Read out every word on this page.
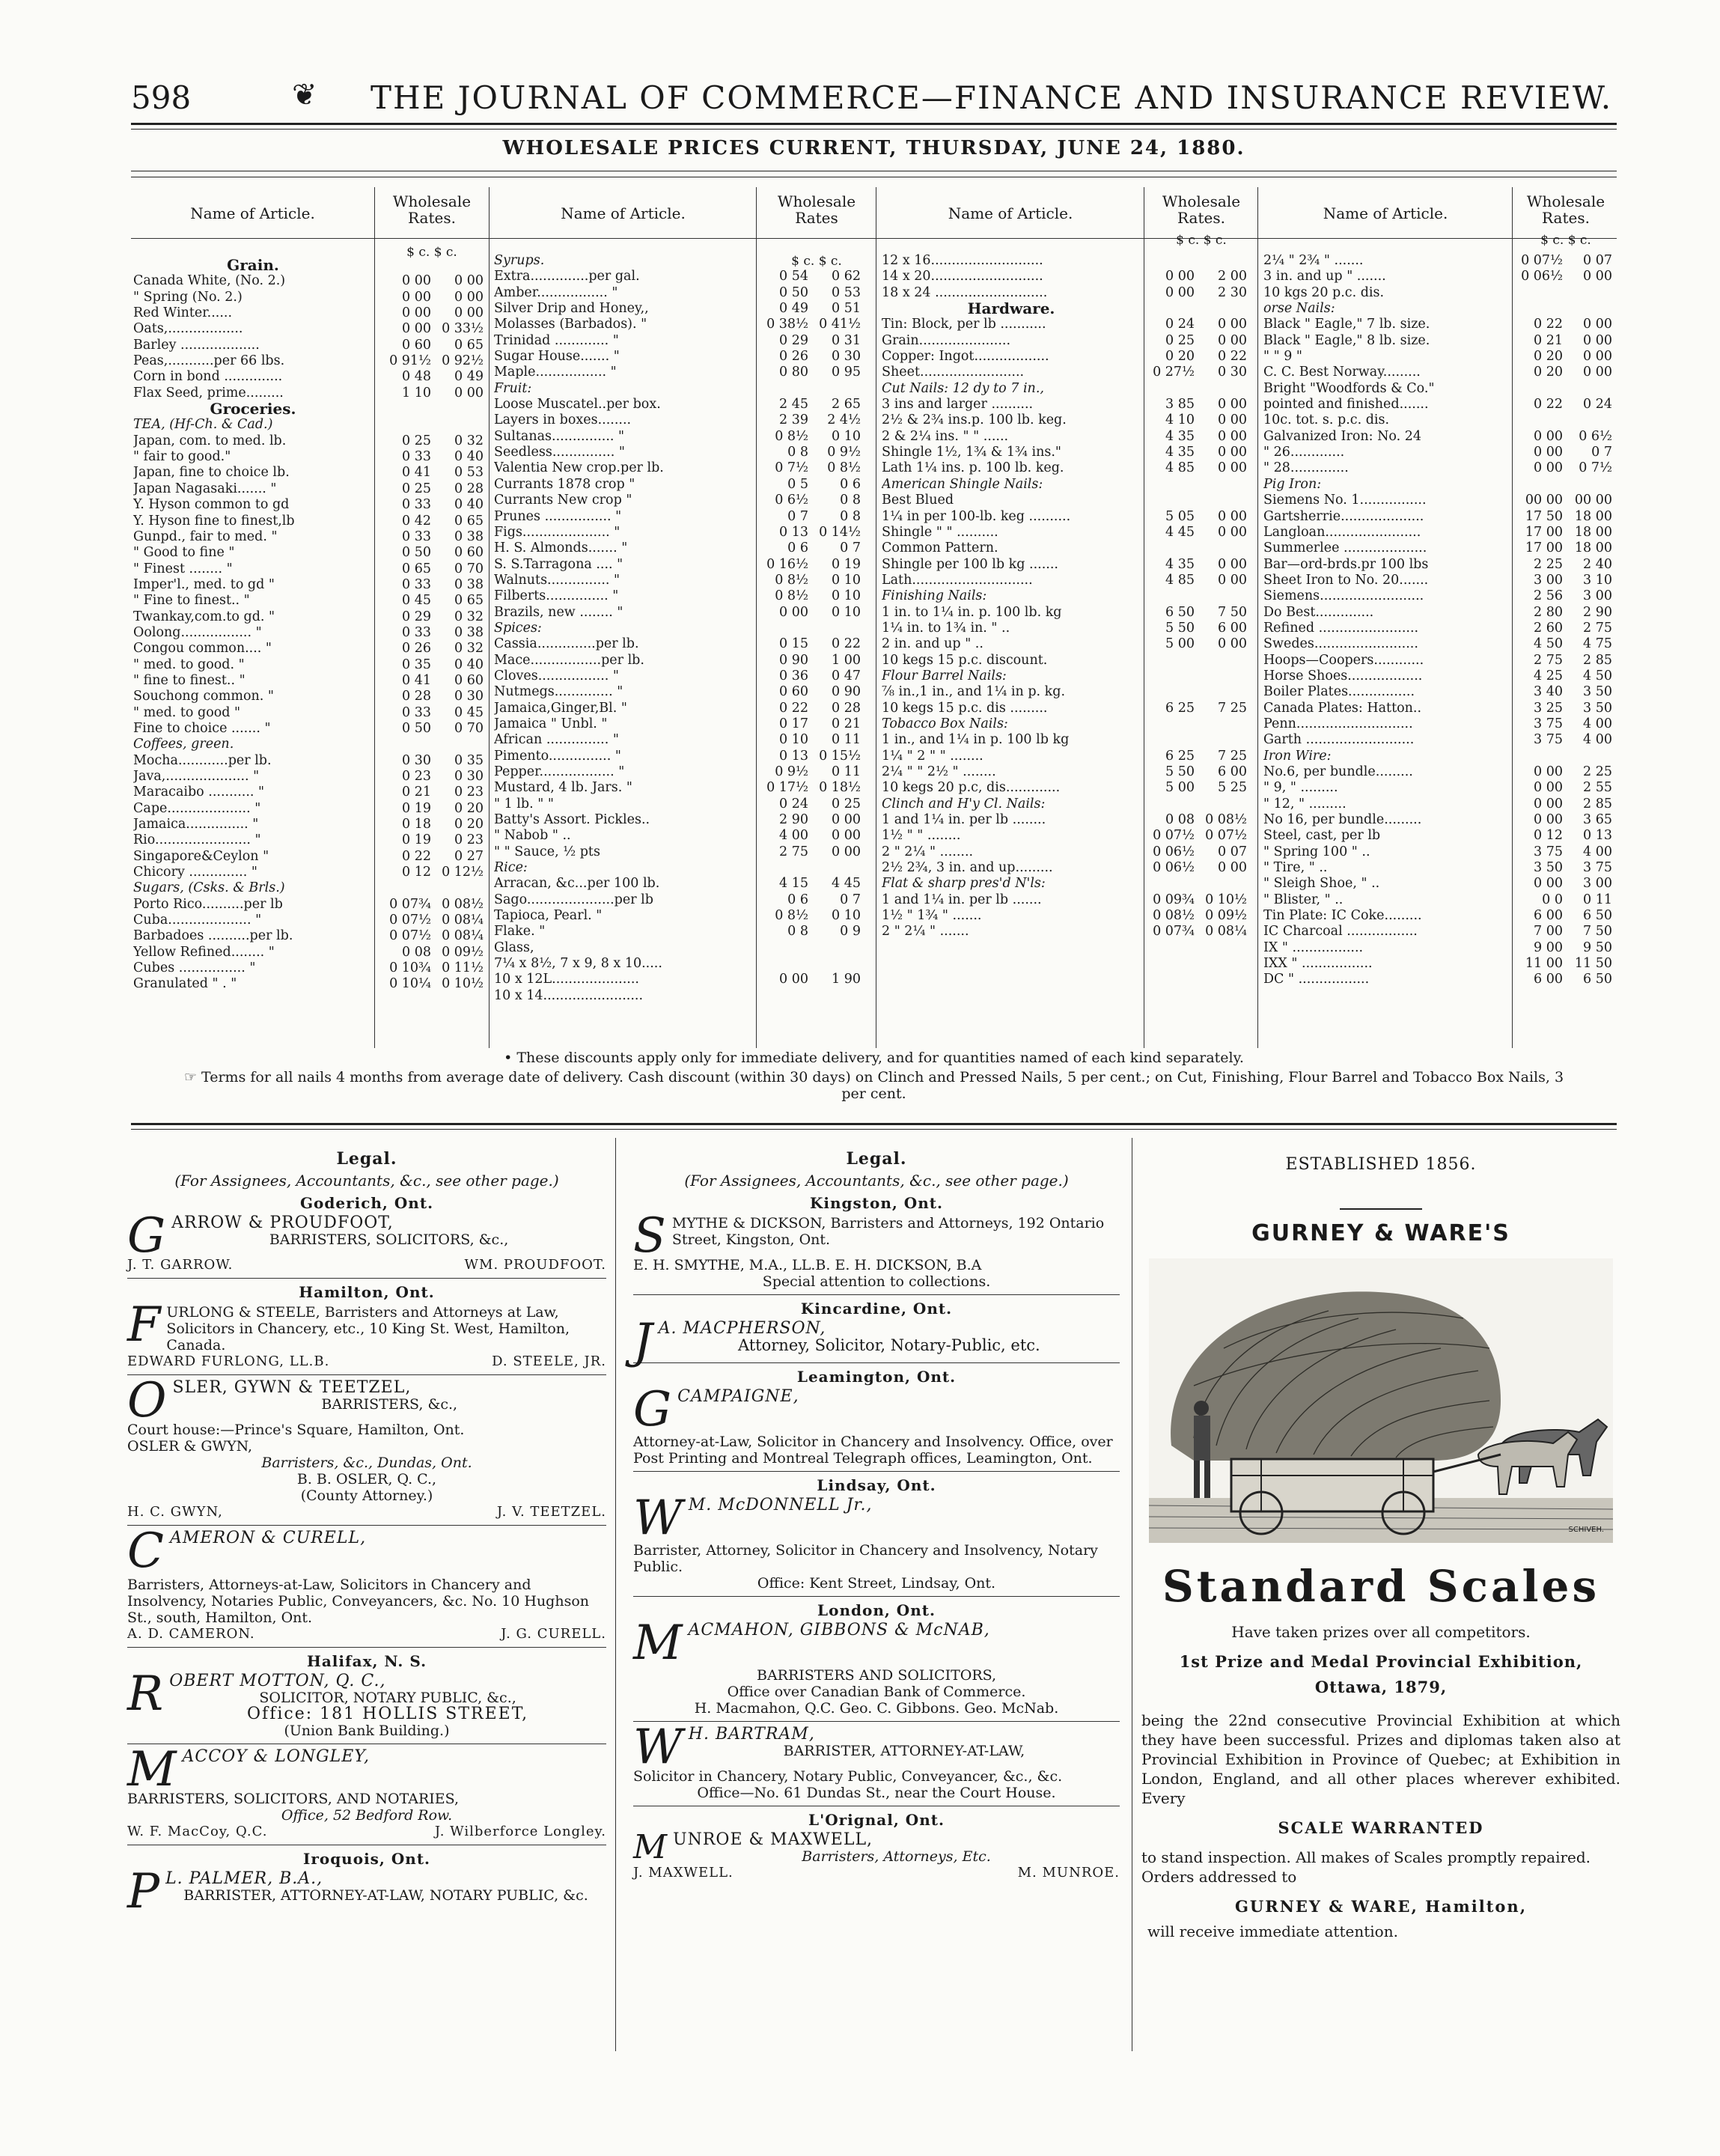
598	❦ THE JOURNAL OF COMMERCE—FINANCE AND INSURANCE REVIEW.
WHOLESALE PRICES CURRENT, THURSDAY, JUNE 24, 1880.
Name of Article.
Wholesale Rates.	Name of Article.
Wholesale Rates	Name of Article.
Wholesale Rates.	Name of Article.
Wholesale Rates.
$ c. $ c.
$ c. $ c.
$ c. $ c.	$ c. $ c.
Grain.
Canada White, (No. 2.)	0 00	0 00
" Spring (No. 2.)	0 00	0 00
Red Winter......	0 00	0 00
Oats,..................	0 00 0 33½
Barley ...................	0 60	0 65
Peas,...........per 66 lbs.	0 91½ 0 92½
Corn in bond ..............	0 48	0 49
Flax Seed, prime.........	1 10	0 00
Groceries.
TEA, (Hf-Ch. & Cad.)
Japan, com. to med. lb.	0 25	0 32
" fair to good."	0 33	0 40
Japan, fine to choice lb.	0 41	0 53
Japan Nagasaki....... "	0 25	0 28
Y. Hyson common to gd	0 33	0 40
Y. Hyson fine to finest,lb	0 42	0 65
Gunpd., fair to med. "	0 33	0 38
" Good to fine "	0 50	0 60
" Finest ........ "	0 65	0 70
Imper'l., med. to gd "	0 33	0 38
" Fine to finest.. "	0 45	0 65
Twankay,com.to gd. "	0 29	0 32
Oolong................. "	0 33	0 38
Congou common.... "	0 26	0 32
" med. to good. "	0 35	0 40
" fine to finest.. "	0 41	0 60
Souchong common. "	0 28	0 30
" med. to good "	0 33	0 45
Fine to choice ....... "	0 50	0 70
Coffees, green.
Mocha............per lb.	0 30	0 35
Java,.................... "	0 23	0 30
Maracaibo ........... "	0 21	0 23
Cape.................... "	0 19	0 20
Jamaica............... "	0 18	0 20
Rio....................... "	0 19	0 23
Singapore&Ceylon "	0 22	0 27
Chicory .............. "	0 12 0 12½
Sugars, (Csks. & Brls.)
Porto Rico..........per lb	0 07¾ 0 08½
Cuba.................... "	0 07½ 0 08¼
Barbadoes ..........per lb.	0 07½ 0 08¼
Yellow Refined........ "	0 08 0 09½
Cubes ................ "	0 10¾ 0 11½
Granulated " . "	0 10¼ 0 10½
Syrups.
Extra..............per gal.	0 54	0 62
Amber................. "	0 50	0 53
Silver Drip and Honey,,	0 49	0 51
Molasses (Barbados). "	0 38½ 0 41½
Trinidad ............. "	0 29	0 31
Sugar House....... "	0 26	0 30
Maple................. "	0 80	0 95
Fruit:
Loose Muscatel..per box.	2 45	2 65
Layers in boxes........	2 39	2 4½
Sultanas............... "	0 8½	0 10
Seedless............... "	0 8	0 9½
Valentia New crop.per lb.	0 7½	0 8½
Currants 1878 crop "	0 5	0 6
Currants New crop "	0 6½	0 8
Prunes ................ "	0 7	0 8
Figs..................... "	0 13 0 14½
H. S. Almonds....... "	0 6	0 7
S. S.Tarragona .... "	0 16½	0 19
Walnuts............... "	0 8½	0 10
Filberts............... "	0 8½	0 10
Brazils, new ........ "	0 00	0 10
Spices:
Cassia..............per lb.	0 15	0 22
Mace.................per lb.	0 90	1 00
Cloves................. "	0 36	0 47
Nutmegs.............. "	0 60	0 90
Jamaica,Ginger,Bl. "	0 22	0 28
Jamaica " Unbl. "	0 17	0 21
African ............... "	0 10	0 11
Pimento............... "	0 13 0 15½
Pepper.................. "	0 9½	0 11
Mustard, 4 lb. Jars. "	0 17½ 0 18½
" 1 lb. " "	0 24	0 25
Batty's Assort. Pickles..	2 90	0 00
" Nabob " ..	4 00	0 00
" " Sauce, ½ pts	2 75	0 00
Rice:
Arracan, &c...per 100 lb.	4 15	4 45
Sago.....................per lb	0 6	0 7
Tapioca, Pearl. "	0 8½	0 10
Flake. "	0 8	0 9
Glass,
7¼ x 8½, 7 x 9, 8 x 10.....
10 x 12L.....................	0 00	1 90
10 x 14........................
12 x 16...........................
14 x 20...........................	0 00	2 00
18 x 24 ...........................	0 00	2 30
Hardware.
Tin: Block, per lb ...........	0 24	0 00
Grain......................	0 25	0 00
Copper: Ingot..................	0 20	0 22
Sheet.........................	0 27½	0 30
Cut Nails: 12 dy to 7 in.,
3 ins and larger ..........	3 85	0 00
2½ & 2¾ ins.p. 100 lb. keg.	4 10	0 00
2 & 2¼ ins. " " ......	4 35	0 00
Shingle 1½, 1¾ & 1¾ ins."	4 35	0 00
Lath 1¼ ins. p. 100 lb. keg.	4 85	0 00
American Shingle Nails:
Best Blued
1¼ in per 100-lb. keg ..........	5 05	0 00
Shingle " " ..........	4 45	0 00
Common Pattern.
Shingle per 100 lb kg .......	4 35	0 00
Lath.............................	4 85	0 00
Finishing Nails:
1 in. to 1¼ in. p. 100 lb. kg	6 50	7 50
1¼ in. to 1¾ in. " ..	5 50	6 00
2 in. and up " ..	5 00	0 00
10 kegs 15 p.c. discount.
Flour Barrel Nails:
⅞ in.,1 in., and 1¼ in p. kg.
10 kegs 15 p.c. dis .........	6 25	7 25
Tobacco Box Nails:
1 in., and 1¼ in p. 100 lb kg
1¼ " 2 " " ........	6 25	7 25
2¼ " " 2½ " ........	5 50	6 00
10 kegs 20 p.c, dis.............	5 00	5 25
Clinch and H'y Cl. Nails:
1 and 1¼ in. per lb ........	0 08 0 08½
1½ " " ........	0 07½ 0 07½
2 " 2¼ " ........	0 06½	0 07
2½ 2¾, 3 in. and up.........	0 06½	0 00
Flat & sharp pres'd N'ls:
1 and 1¼ in. per lb .......	0 09¾ 0 10½
1½ " 1¾ " .......	0 08½ 0 09½
2 " 2¼ " .......	0 07¾ 0 08¼
2¼ " 2¾ " .......	0 07½	0 07
3 in. and up " .......	0 06½	0 00
10 kgs 20 p.c. dis.
orse Nails:
Black " Eagle," 7 lb. size.	0 22	0 00
Black " Eagle," 8 lb. size.	0 21	0 00
" " 9 "	0 20	0 00
C. C. Best Norway.........	0 20	0 00
Bright "Woodfords & Co."
pointed and finished.......	0 22	0 24
10c. tot. s. p.c. dis.
Galvanized Iron: No. 24	0 00	0 6½
" 26.............	0 00	0 7
" 28..............	0 00	0 7½
Pig Iron:
Siemens No. 1................	00 00 00 00
Gartsherrie....................	17 50 18 00
Langloan.......................	17 00 18 00
Summerlee ....................	17 00 18 00
Bar—ord-brds.pr 100 lbs	2 25	2 40
Sheet Iron to No. 20.......	3 00	3 10
Siemens.........................	2 56	3 00
Do Best..............	2 80	2 90
Refined ........................	2 60	2 75
Swedes.........................	4 50	4 75
Hoops—Coopers............	2 75	2 85
Horse Shoes..................	4 25	4 50
Boiler Plates................	3 40	3 50
Canada Plates: Hatton..	3 25	3 50
Penn............................	3 75	4 00
Garth ..........................	3 75	4 00
Iron Wire:
No.6, per bundle.........	0 00	2 25
" 9, " .........	0 00	2 55
" 12, " .........	0 00	2 85
No 16, per bundle.........	0 00	3 65
Steel, cast, per lb	0 12	0 13
" Spring 100 " ..	3 75	4 00
" Tire, " ..	3 50	3 75
" Sleigh Shoe, " ..	0 00	3 00
" Blister, " ..	0 0	0 11
Tin Plate: IC Coke.........	6 00	6 50
IC Charcoal .................	7 00	7 50
IX " .................	9 00	9 50
IXX " .................	11 00 11 50
DC " .................	6 00	6 50
• These discounts apply only for immediate delivery, and for quantities named of each kind separately.
☞ Terms for all nails 4 months from average date of delivery. Cash discount (within 30 days) on Clinch and Pressed Nails, 5 per cent.; on Cut, Finishing, Flour Barrel and Tobacco Box Nails, 3 per cent.
Legal.
(For Assignees, Accountants, &c., see other page.)
Goderich, Ont.
G ARROW & PROUDFOOT,
BARRISTERS, SOLICITORS, &c.,
J. T. GARROW.	WM. PROUDFOOT.
Hamilton, Ont.
F URLONG & STEELE, Barristers and Attorneys at Law, Solicitors in Chancery, etc., 10 King St. West, Hamilton, Canada.
EDWARD FURLONG, LL.B.	D. STEELE, JR.
O SLER, GYWN & TEETZEL,
BARRISTERS, &c.,
Court house:—Prince's Square, Hamilton, Ont.
OSLER & GWYN,
Barristers, &c., Dundas, Ont.
B. B. OSLER, Q. C.,
(County Attorney.)
H. C. GWYN,	J. V. TEETZEL.
C AMERON & CURELL,
Barristers, Attorneys-at-Law, Solicitors in Chancery and Insolvency, Notaries Public, Conveyancers, &c. No. 10 Hughson St., south, Hamilton, Ont.
A. D. CAMERON.	J. G. CURELL.
Halifax, N. S.
R OBERT MOTTON, Q. C.,
SOLICITOR, NOTARY PUBLIC, &c.,
Office: 181 HOLLIS STREET,
(Union Bank Building.)
M ACCOY & LONGLEY,
BARRISTERS, SOLICITORS, AND NOTARIES,
Office, 52 Bedford Row.
W. F. MacCoy, Q.C.	J. Wilberforce Longley.
Iroquois, Ont.
P L. PALMER, B.A.,
BARRISTER, ATTORNEY-AT-LAW, NOTARY PUBLIC, &c.
Legal.
(For Assignees, Accountants, &c., see other page.)
Kingston, Ont.
S MYTHE & DICKSON, Barristers and Attorneys, 192 Ontario Street, Kingston, Ont.
E. H. SMYTHE, M.A., LL.B. E. H. DICKSON, B.A
Special attention to collections.
Kincardine, Ont.
J A. MACPHERSON,
Attorney, Solicitor, Notary-Public, etc.
Leamington, Ont.
G CAMPAIGNE,
Attorney-at-Law, Solicitor in Chancery and Insolvency. Office, over Post Printing and Montreal Telegraph offices, Leamington, Ont.
Lindsay, Ont.
W M. McDONNELL Jr.,
Barrister, Attorney, Solicitor in Chancery and Insolvency, Notary Public.
Office: Kent Street, Lindsay, Ont.
London, Ont.
M ACMAHON, GIBBONS & McNAB,
BARRISTERS AND SOLICITORS,
Office over Canadian Bank of Commerce.
H. Macmahon, Q.C. Geo. C. Gibbons. Geo. McNab.
W H. BARTRAM,
BARRISTER, ATTORNEY-AT-LAW,
Solicitor in Chancery, Notary Public, Conveyancer, &c., &c.
Office—No. 61 Dundas St., near the Court House.
L'Orignal, Ont.
M UNROE & MAXWELL,
Barristers, Attorneys, Etc.
J. MAXWELL.	M. MUNROE.
ESTABLISHED 1856.
GURNEY & WARE'S
SCHIVEH.
Standard Scales
Have taken prizes over all competitors.
1st Prize and Medal Provincial Exhibition, Ottawa, 1879,
being the 22nd consecutive Provincial Exhibition at which they have been successful. Prizes and diplomas taken also at Provincial Exhibition in Province of Quebec; at Exhibition in London, England, and all other places wherever exhibited. Every
SCALE WARRANTED
to stand inspection. All makes of Scales promptly repaired. Orders addressed to
GURNEY & WARE, Hamilton,
will receive immediate attention.
